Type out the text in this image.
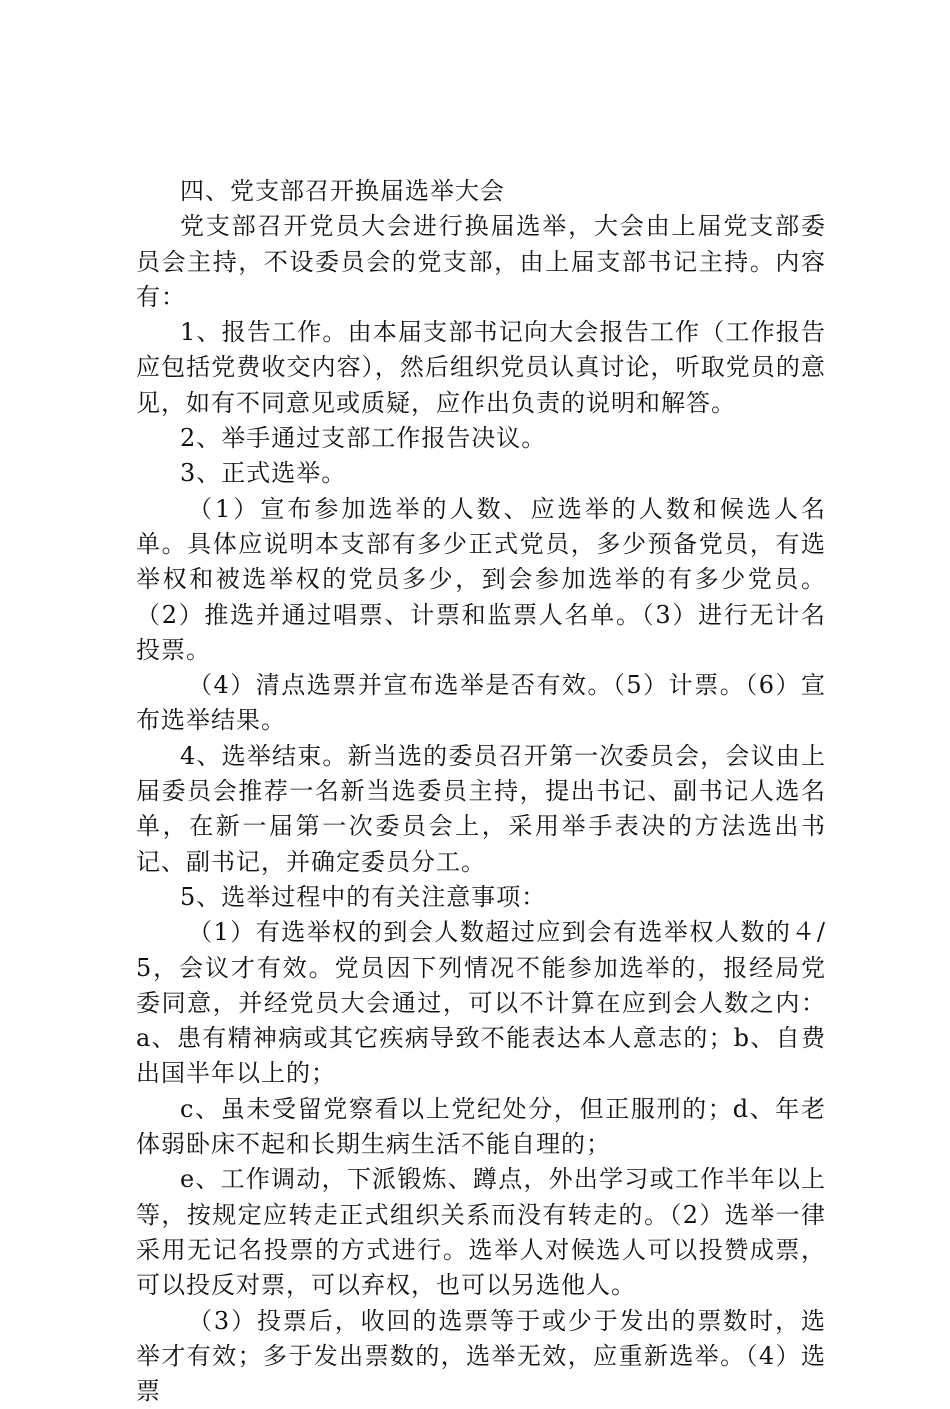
四、党支部召开换届选举大会

党支部召开党员大会进行换届选举，大会由上届党支部委员会主持，不设委员会的党支部，由上届支部书记主持。内容有：

1、报告工作。由本届支部书记向大会报告工作（工作报告应包括党费收交内容），然后组织党员认真讨论，听取党员的意见，如有不同意见或质疑，应作出负责的说明和解答。

2、举手通过支部工作报告决议。

3、正式选举。

（1）宣布参加选举的人数、应选举的人数和候选人名单。具体应说明本支部有多少正式党员，多少预备党员，有选举权和被选举权的党员多少，到会参加选举的有多少党员。（2）推选并通过唱票、计票和监票人名单。（3）进行无计名投票。

（4）清点选票并宣布选举是否有效。（5）计票。（6）宣布选举结果。

4、选举结束。新当选的委员召开第一次委员会，会议由上届委员会推荐一名新当选委员主持，提出书记、副书记人选名单，在新一届第一次委员会上，采用举手表决的方法选出书记、副书记，并确定委员分工。

5、选举过程中的有关注意事项：

（1）有选举权的到会人数超过应到会有选举权人数的４/5，会议才有效。党员因下列情况不能参加选举的，报经局党委同意，并经党员大会通过，可以不计算在应到会人数之内：a、患有精神病或其它疾病导致不能表达本人意志的；b、自费出国半年以上的；

c、虽未受留党察看以上党纪处分，但正服刑的；d、年老体弱卧床不起和长期生病生活不能自理的；

e、工作调动，下派锻炼、蹲点，外出学习或工作半年以上等，按规定应转走正式组织关系而没有转走的。（2）选举一律采用无记名投票的方式进行。选举人对候选人可以投赞成票，可以投反对票，可以弃权，也可以另选他人。

（3）投票后，收回的选票等于或少于发出的票数时，选举才有效；多于发出票数的，选举无效，应重新选举。（4）选票
